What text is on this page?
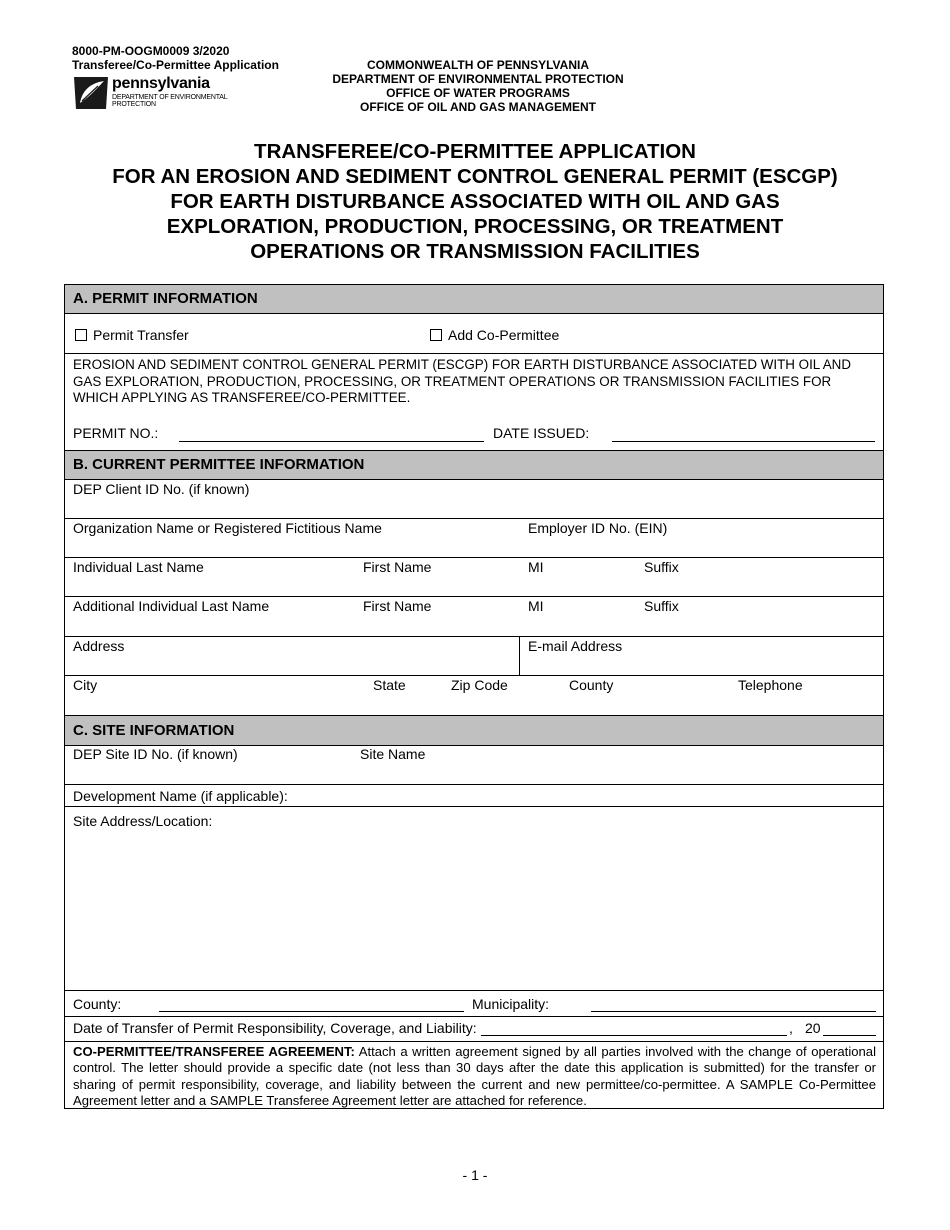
8000-PM-OOGM0009 3/2020
Transferee/Co-Permittee Application
pennsylvania
DEPARTMENT OF ENVIRONMENTAL
PROTECTION
COMMONWEALTH OF PENNSYLVANIA
DEPARTMENT OF ENVIRONMENTAL PROTECTION
OFFICE OF WATER PROGRAMS
OFFICE OF OIL AND GAS MANAGEMENT
TRANSFEREE/CO-PERMITTEE APPLICATION
FOR AN EROSION AND SEDIMENT CONTROL GENERAL PERMIT (ESCGP)
FOR EARTH DISTURBANCE ASSOCIATED WITH OIL AND GAS
EXPLORATION, PRODUCTION, PROCESSING, OR TREATMENT
OPERATIONS OR TRANSMISSION FACILITIES
A. PERMIT INFORMATION
Permit Transfer	Add Co-Permittee
EROSION AND SEDIMENT CONTROL GENERAL PERMIT (ESCGP) FOR EARTH DISTURBANCE ASSOCIATED WITH OIL AND GAS EXPLORATION, PRODUCTION, PROCESSING, OR TREATMENT OPERATIONS OR TRANSMISSION FACILITIES FOR WHICH APPLYING AS TRANSFEREE/CO-PERMITTEE.
PERMIT NO.:	DATE ISSUED:
B. CURRENT PERMITTEE INFORMATION
DEP Client ID No. (if known)
Organization Name or Registered Fictitious Name	Employer ID No. (EIN)
Individual Last Name	First Name	MI	Suffix
Additional Individual Last Name	First Name	MI	Suffix
Address	E-mail Address
City	State	Zip Code	County	Telephone
C. SITE INFORMATION
DEP Site ID No. (if known)	Site Name
Development Name (if applicable):
Site Address/Location:
County:	Municipality:
Date of Transfer of Permit Responsibility, Coverage, and Liability:	, 20
CO-PERMITTEE/TRANSFEREE AGREEMENT: Attach a written agreement signed by all parties involved with the change of operational control. The letter should provide a specific date (not less than 30 days after the date this application is submitted) for the transfer or sharing of permit responsibility, coverage, and liability between the current and new permittee/co-permittee. A SAMPLE Co-Permittee Agreement letter and a SAMPLE Transferee Agreement letter are attached for reference.
- 1 -
